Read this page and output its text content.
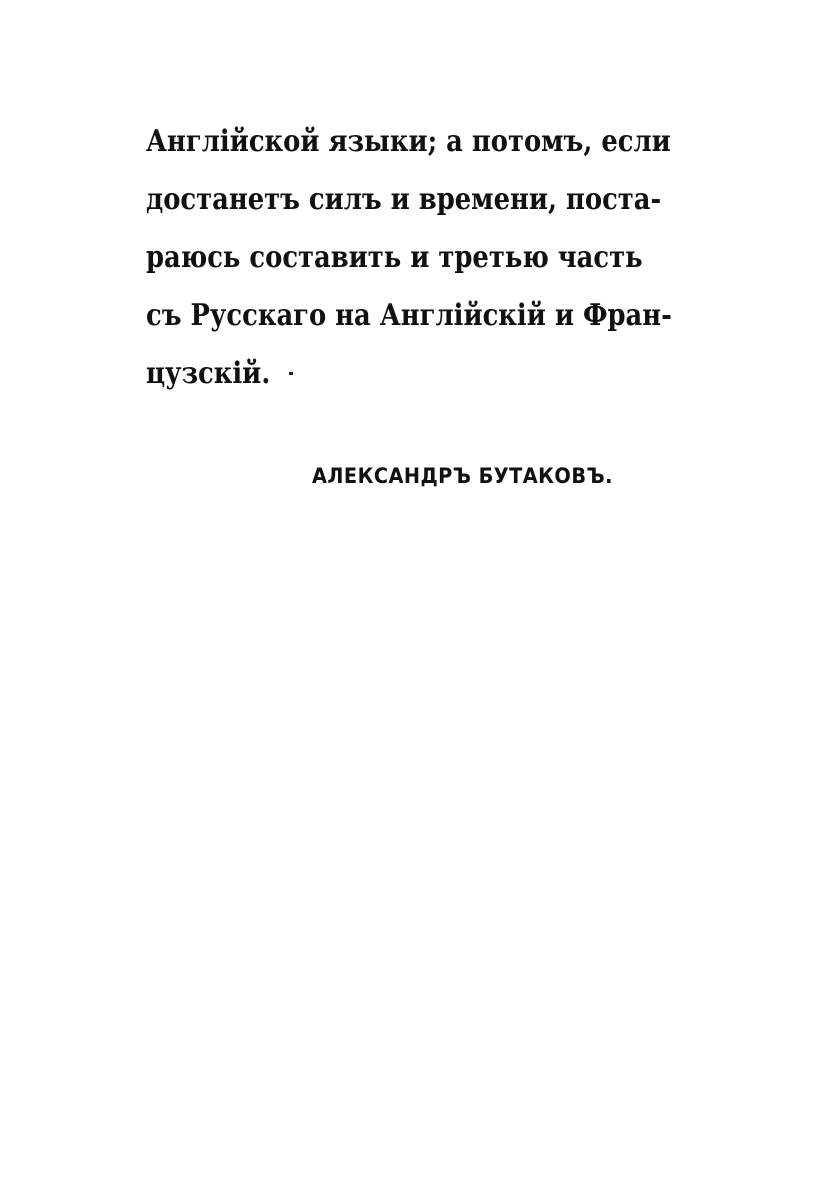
Англійской языки; а потомъ, если
достанетъ силъ и времени, поста-
раюсь составить и третью часть
съ Русскаго на Англійскій и Фран-
цузскій.
АЛЕКСАНДРЪ БУТАКОВЪ.
